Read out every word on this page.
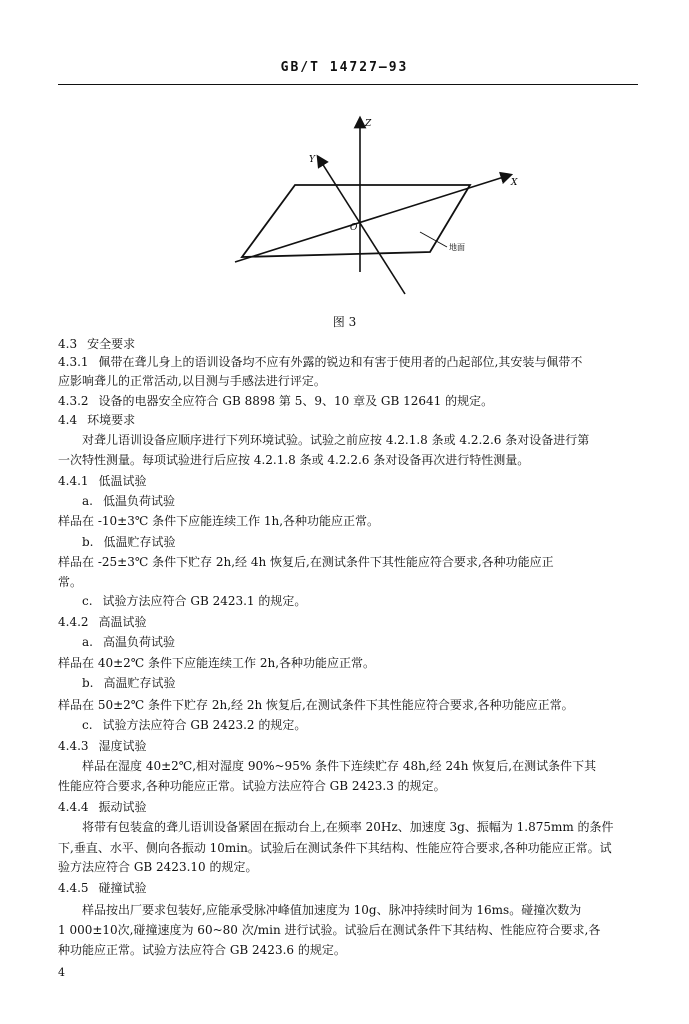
GB/T 14727—93
Z
Y
X
O
地面
图 3
4.3 安全要求
4.3.1 佩带在聋儿身上的语训设备均不应有外露的锐边和有害于使用者的凸起部位,其安装与佩带不
应影响聋儿的正常活动,以目测与手感法进行评定。
4.3.2 设备的电器安全应符合 GB 8898 第 5、9、10 章及 GB 12641 的规定。
4.4 环境要求
对聋儿语训设备应顺序进行下列环境试验。试验之前应按 4.2.1.8 条或 4.2.2.6 条对设备进行第
一次特性测量。每项试验进行后应按 4.2.1.8 条或 4.2.2.6 条对设备再次进行特性测量。
4.4.1 低温试验
a. 低温负荷试验
样品在 -10±3℃ 条件下应能连续工作 1h,各种功能应正常。
b. 低温贮存试验
样品在 -25±3℃ 条件下贮存 2h,经 4h 恢复后,在测试条件下其性能应符合要求,各种功能应正
常。
c. 试验方法应符合 GB 2423.1 的规定。
4.4.2 高温试验
a. 高温负荷试验
样品在 40±2℃ 条件下应能连续工作 2h,各种功能应正常。
b. 高温贮存试验
样品在 50±2℃ 条件下贮存 2h,经 2h 恢复后,在测试条件下其性能应符合要求,各种功能应正常。
c. 试验方法应符合 GB 2423.2 的规定。
4.4.3 湿度试验
样品在湿度 40±2℃,相对湿度 90%~95% 条件下连续贮存 48h,经 24h 恢复后,在测试条件下其
性能应符合要求,各种功能应正常。试验方法应符合 GB 2423.3 的规定。
4.4.4 振动试验
将带有包装盒的聋儿语训设备紧固在振动台上,在频率 20Hz、加速度 3g、振幅为 1.875mm 的条件
下,垂直、水平、侧向各振动 10min。试验后在测试条件下其结构、性能应符合要求,各种功能应正常。试
验方法应符合 GB 2423.10 的规定。
4.4.5 碰撞试验
样品按出厂要求包装好,应能承受脉冲峰值加速度为 10g、脉冲持续时间为 16ms。碰撞次数为
1 000±10次,碰撞速度为 60~80 次/min 进行试验。试验后在测试条件下其结构、性能应符合要求,各
种功能应正常。试验方法应符合 GB 2423.6 的规定。
4
